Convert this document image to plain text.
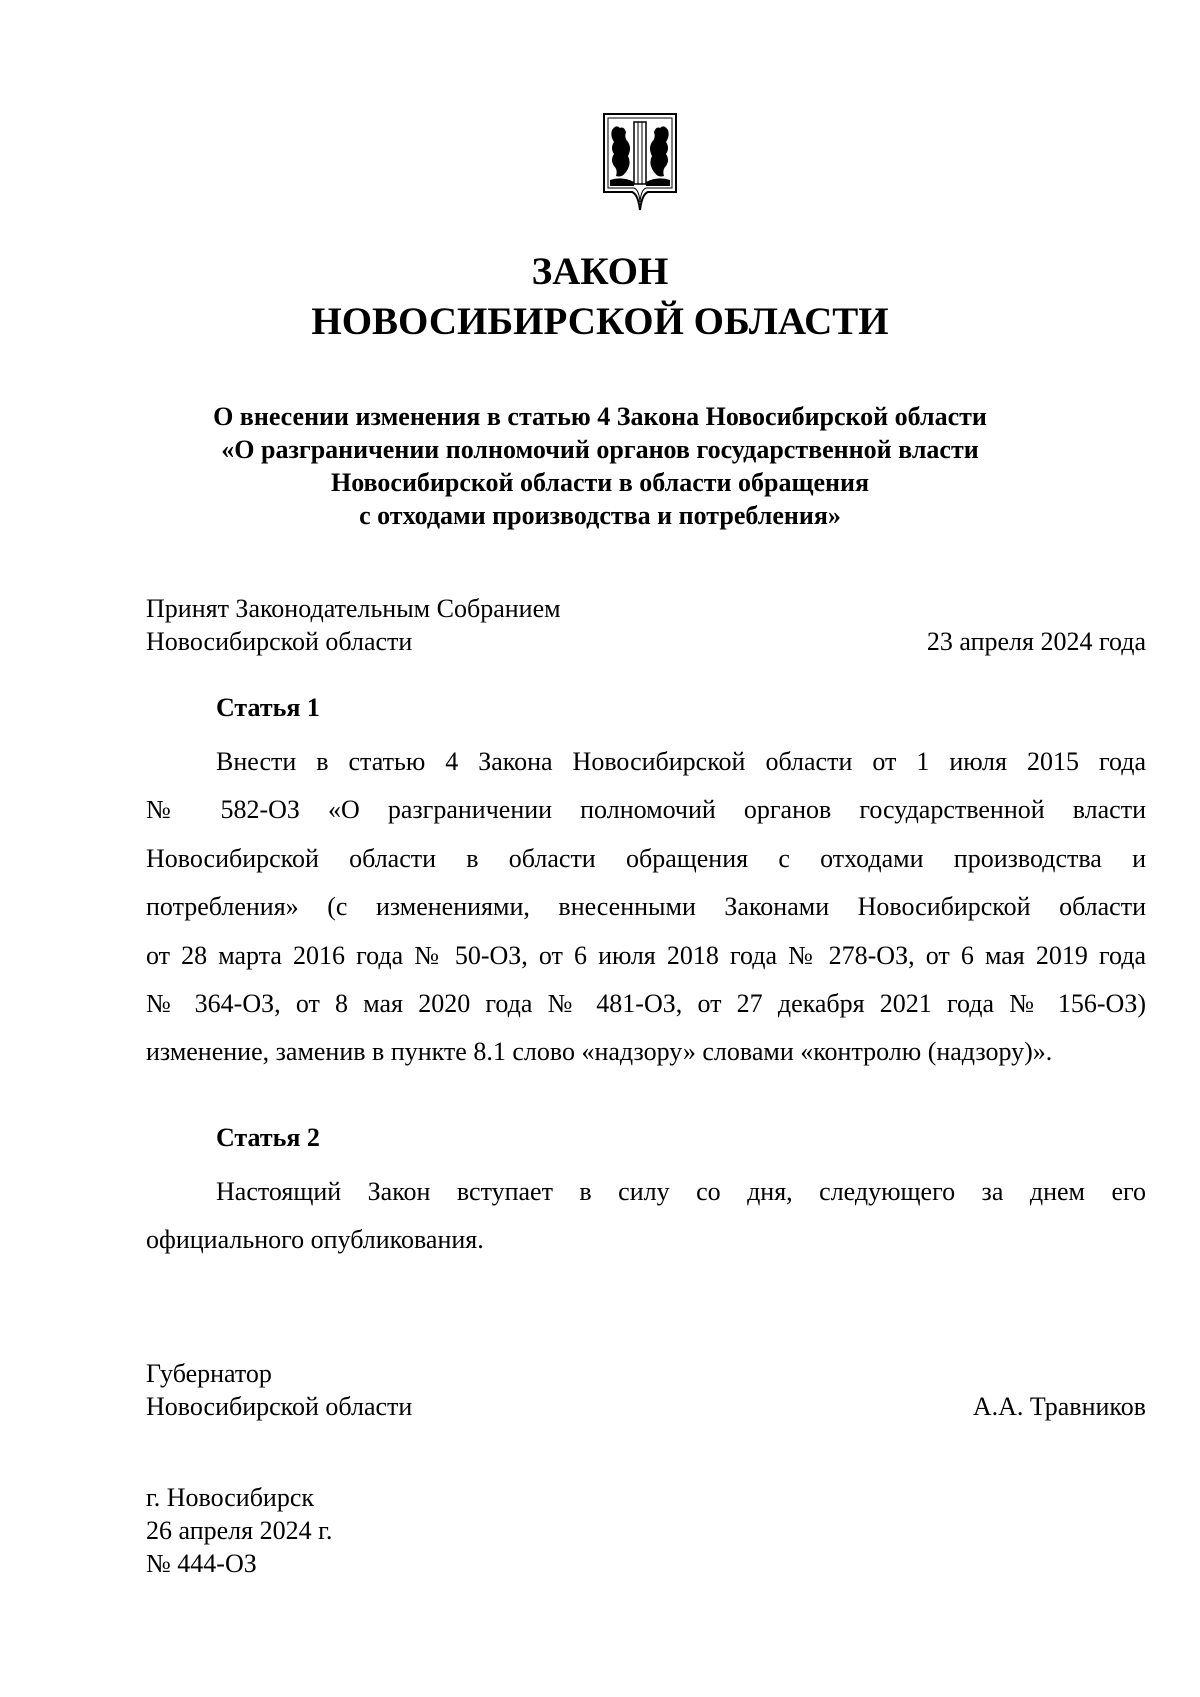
ЗАКОН
НОВОСИБИРСКОЙ ОБЛАСТИ
О внесении изменения в статью 4 Закона Новосибирской области
«О разграничении полномочий органов государственной власти
Новосибирской области в области обращения
с отходами производства и потребления»
Принят Законодательным Собранием
Новосибирской области	23 апреля 2024 года
Статья 1
Внести в статью 4 Закона Новосибирской области от 1 июля 2015 года
№ 582-ОЗ «О разграничении полномочий органов государственной власти
Новосибирской области в области обращения с отходами производства и
потребления» (с изменениями, внесенными Законами Новосибирской области
от 28 марта 2016 года № 50-ОЗ, от 6 июля 2018 года № 278-ОЗ, от 6 мая 2019 года
№ 364-ОЗ, от 8 мая 2020 года № 481-ОЗ, от 27 декабря 2021 года № 156-ОЗ)
изменение, заменив в пункте 8.1 слово «надзору» словами «контролю (надзору)».
Статья 2
Настоящий Закон вступает в силу со дня, следующего за днем его
официального опубликования.
Губернатор
Новосибирской области	А.А. Травников
г. Новосибирск
26 апреля 2024 г.
№ 444-ОЗ
